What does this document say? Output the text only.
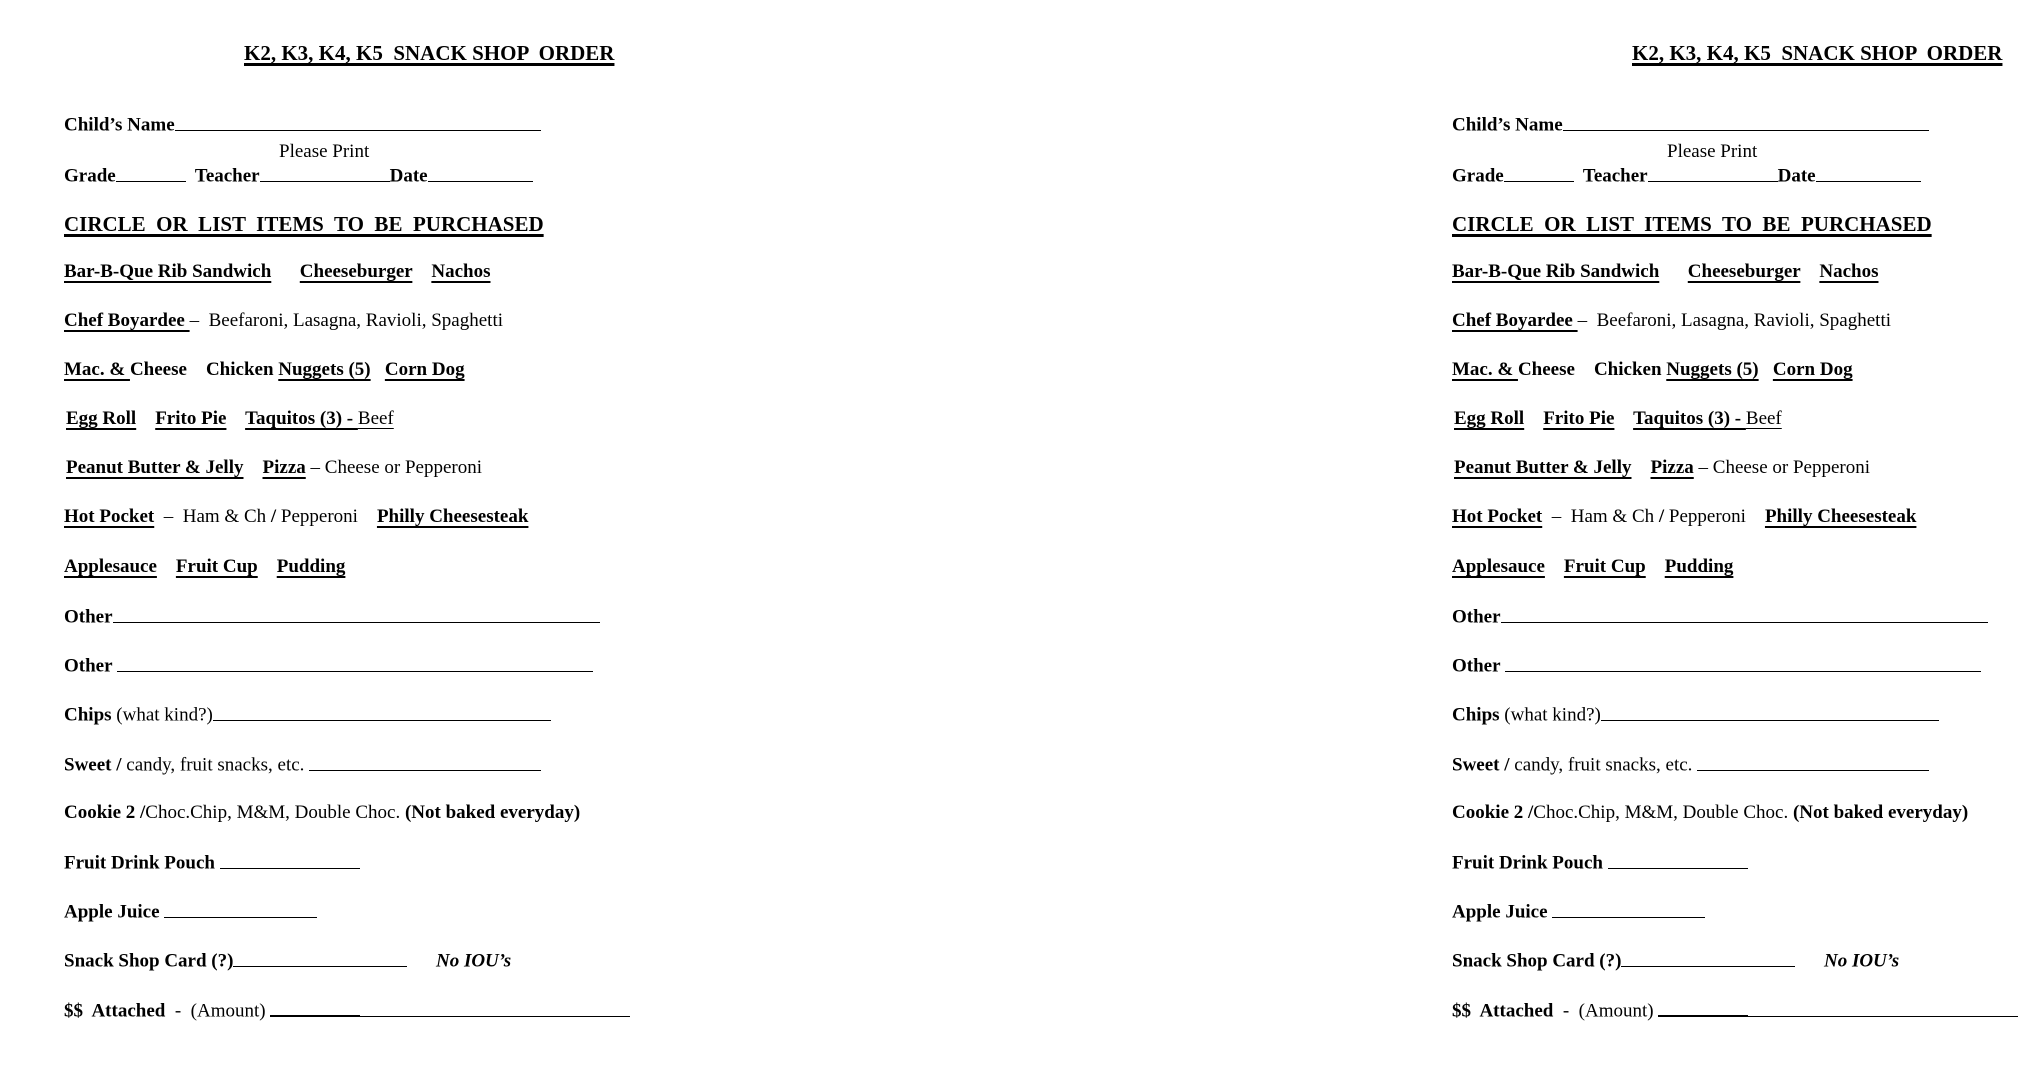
K2, K3, K4, K5  SNACK SHOP  ORDER
Child’s Name
Please Print
Grade	Teacher	Date
CIRCLE  OR  LIST  ITEMS  TO  BE  PURCHASED
Bar-B-Que Rib Sandwich Cheeseburger Nachos
Chef Boyardee –  Beefaroni, Lasagna, Ravioli, Spaghetti
Mac. & Cheese Chicken Nuggets (5) Corn Dog
Egg Roll Frito Pie Taquitos (3) - Beef
Peanut Butter & Jelly Pizza – Cheese or Pepperoni
Hot Pocket  –  Ham & Ch / Pepperoni Philly Cheesesteak
Applesauce Fruit Cup Pudding
Other
Other
Chips (what kind?)
Sweet / candy, fruit snacks, etc.
Cookie 2 /Choc.Chip, M&M, Double Choc. (Not baked everyday)
Fruit Drink Pouch
Apple Juice
Snack Shop Card (?)	No IOU’s
$$  Attached  -  (Amount)
K2, K3, K4, K5  SNACK SHOP  ORDER
Child’s Name
Please Print
Grade	Teacher	Date
CIRCLE  OR  LIST  ITEMS  TO  BE  PURCHASED
Bar-B-Que Rib Sandwich Cheeseburger Nachos
Chef Boyardee –  Beefaroni, Lasagna, Ravioli, Spaghetti
Mac. & Cheese Chicken Nuggets (5) Corn Dog
Egg Roll Frito Pie Taquitos (3) - Beef
Peanut Butter & Jelly Pizza – Cheese or Pepperoni
Hot Pocket  –  Ham & Ch / Pepperoni Philly Cheesesteak
Applesauce Fruit Cup Pudding
Other
Other
Chips (what kind?)
Sweet / candy, fruit snacks, etc.
Cookie 2 /Choc.Chip, M&M, Double Choc. (Not baked everyday)
Fruit Drink Pouch
Apple Juice
Snack Shop Card (?)	No IOU’s
$$  Attached  -  (Amount)
